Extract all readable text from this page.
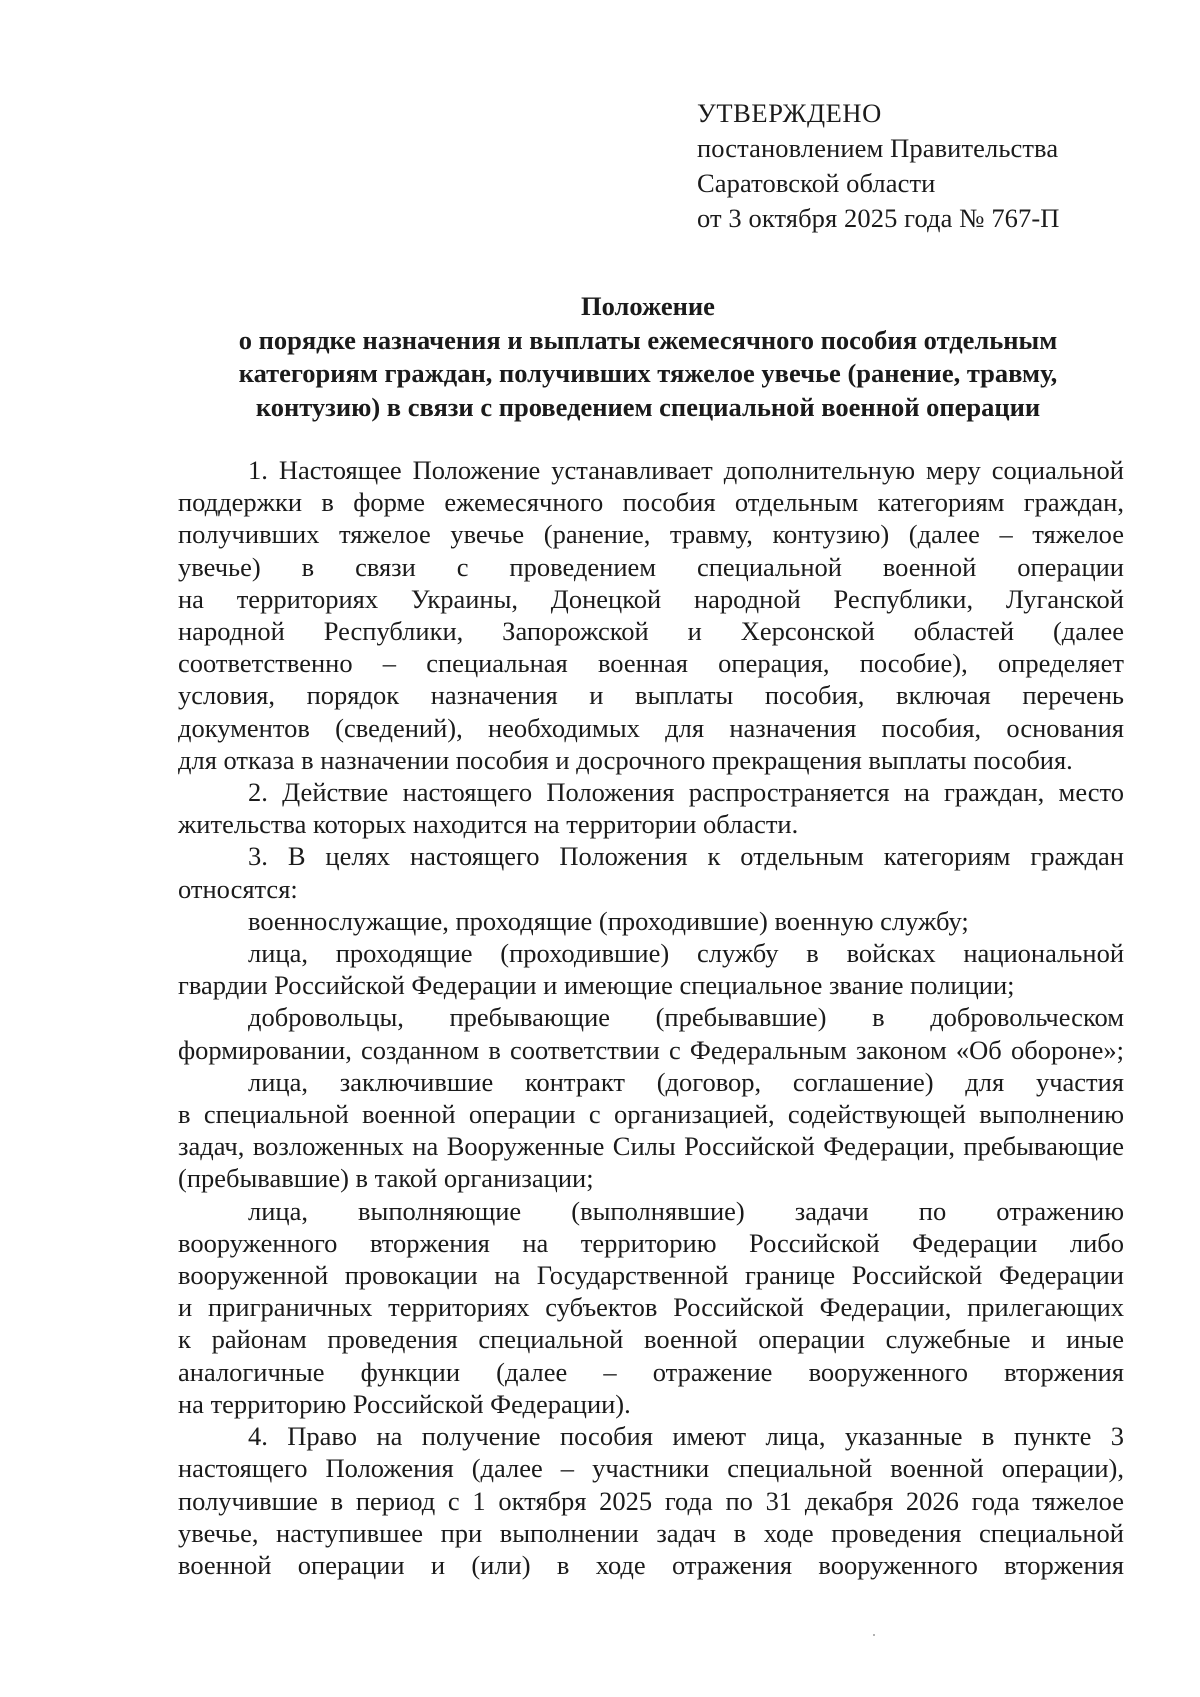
УТВЕРЖДЕНО
постановлением Правительства
Саратовской области
от 3 октября 2025 года № 767-П
Положение
о порядке назначения и выплаты ежемесячного пособия отдельным
категориям граждан, получивших тяжелое увечье (ранение, травму,
контузию) в связи с проведением специальной военной операции
1. Настоящее Положение устанавливает дополнительную меру социальной
поддержки в форме ежемесячного пособия отдельным категориям граждан,
получивших тяжелое увечье (ранение, травму, контузию) (далее – тяжелое
увечье) в связи с проведением специальной военной операции
на территориях Украины, Донецкой народной Республики, Луганской
народной Республики, Запорожской и Херсонской областей (далее
соответственно – специальная военная операция, пособие), определяет
условия, порядок назначения и выплаты пособия, включая перечень
документов (сведений), необходимых для назначения пособия, основания
для отказа в назначении пособия и досрочного прекращения выплаты пособия.
2. Действие настоящего Положения распространяется на граждан, место
жительства которых находится на территории области.
3. В целях настоящего Положения к отдельным категориям граждан
относятся:
военнослужащие, проходящие (проходившие) военную службу;
лица, проходящие (проходившие) службу в войсках национальной
гвардии Российской Федерации и имеющие специальное звание полиции;
добровольцы, пребывающие (пребывавшие) в добровольческом
формировании, созданном в соответствии с Федеральным законом «Об обороне»;
лица, заключившие контракт (договор, соглашение) для участия
в специальной военной операции с организацией, содействующей выполнению
задач, возложенных на Вооруженные Силы Российской Федерации, пребывающие
(пребывавшие) в такой организации;
лица, выполняющие (выполнявшие) задачи по отражению
вооруженного вторжения на территорию Российской Федерации либо
вооруженной провокации на Государственной границе Российской Федерации
и приграничных территориях субъектов Российской Федерации, прилегающих
к районам проведения специальной военной операции служебные и иные
аналогичные функции (далее – отражение вооруженного вторжения
на территорию Российской Федерации).
4. Право на получение пособия имеют лица, указанные в пункте 3
настоящего Положения (далее – участники специальной военной операции),
получившие в период с 1 октября 2025 года по 31 декабря 2026 года тяжелое
увечье, наступившее при выполнении задач в ходе проведения специальной
военной операции и (или) в ходе отражения вооруженного вторжения
